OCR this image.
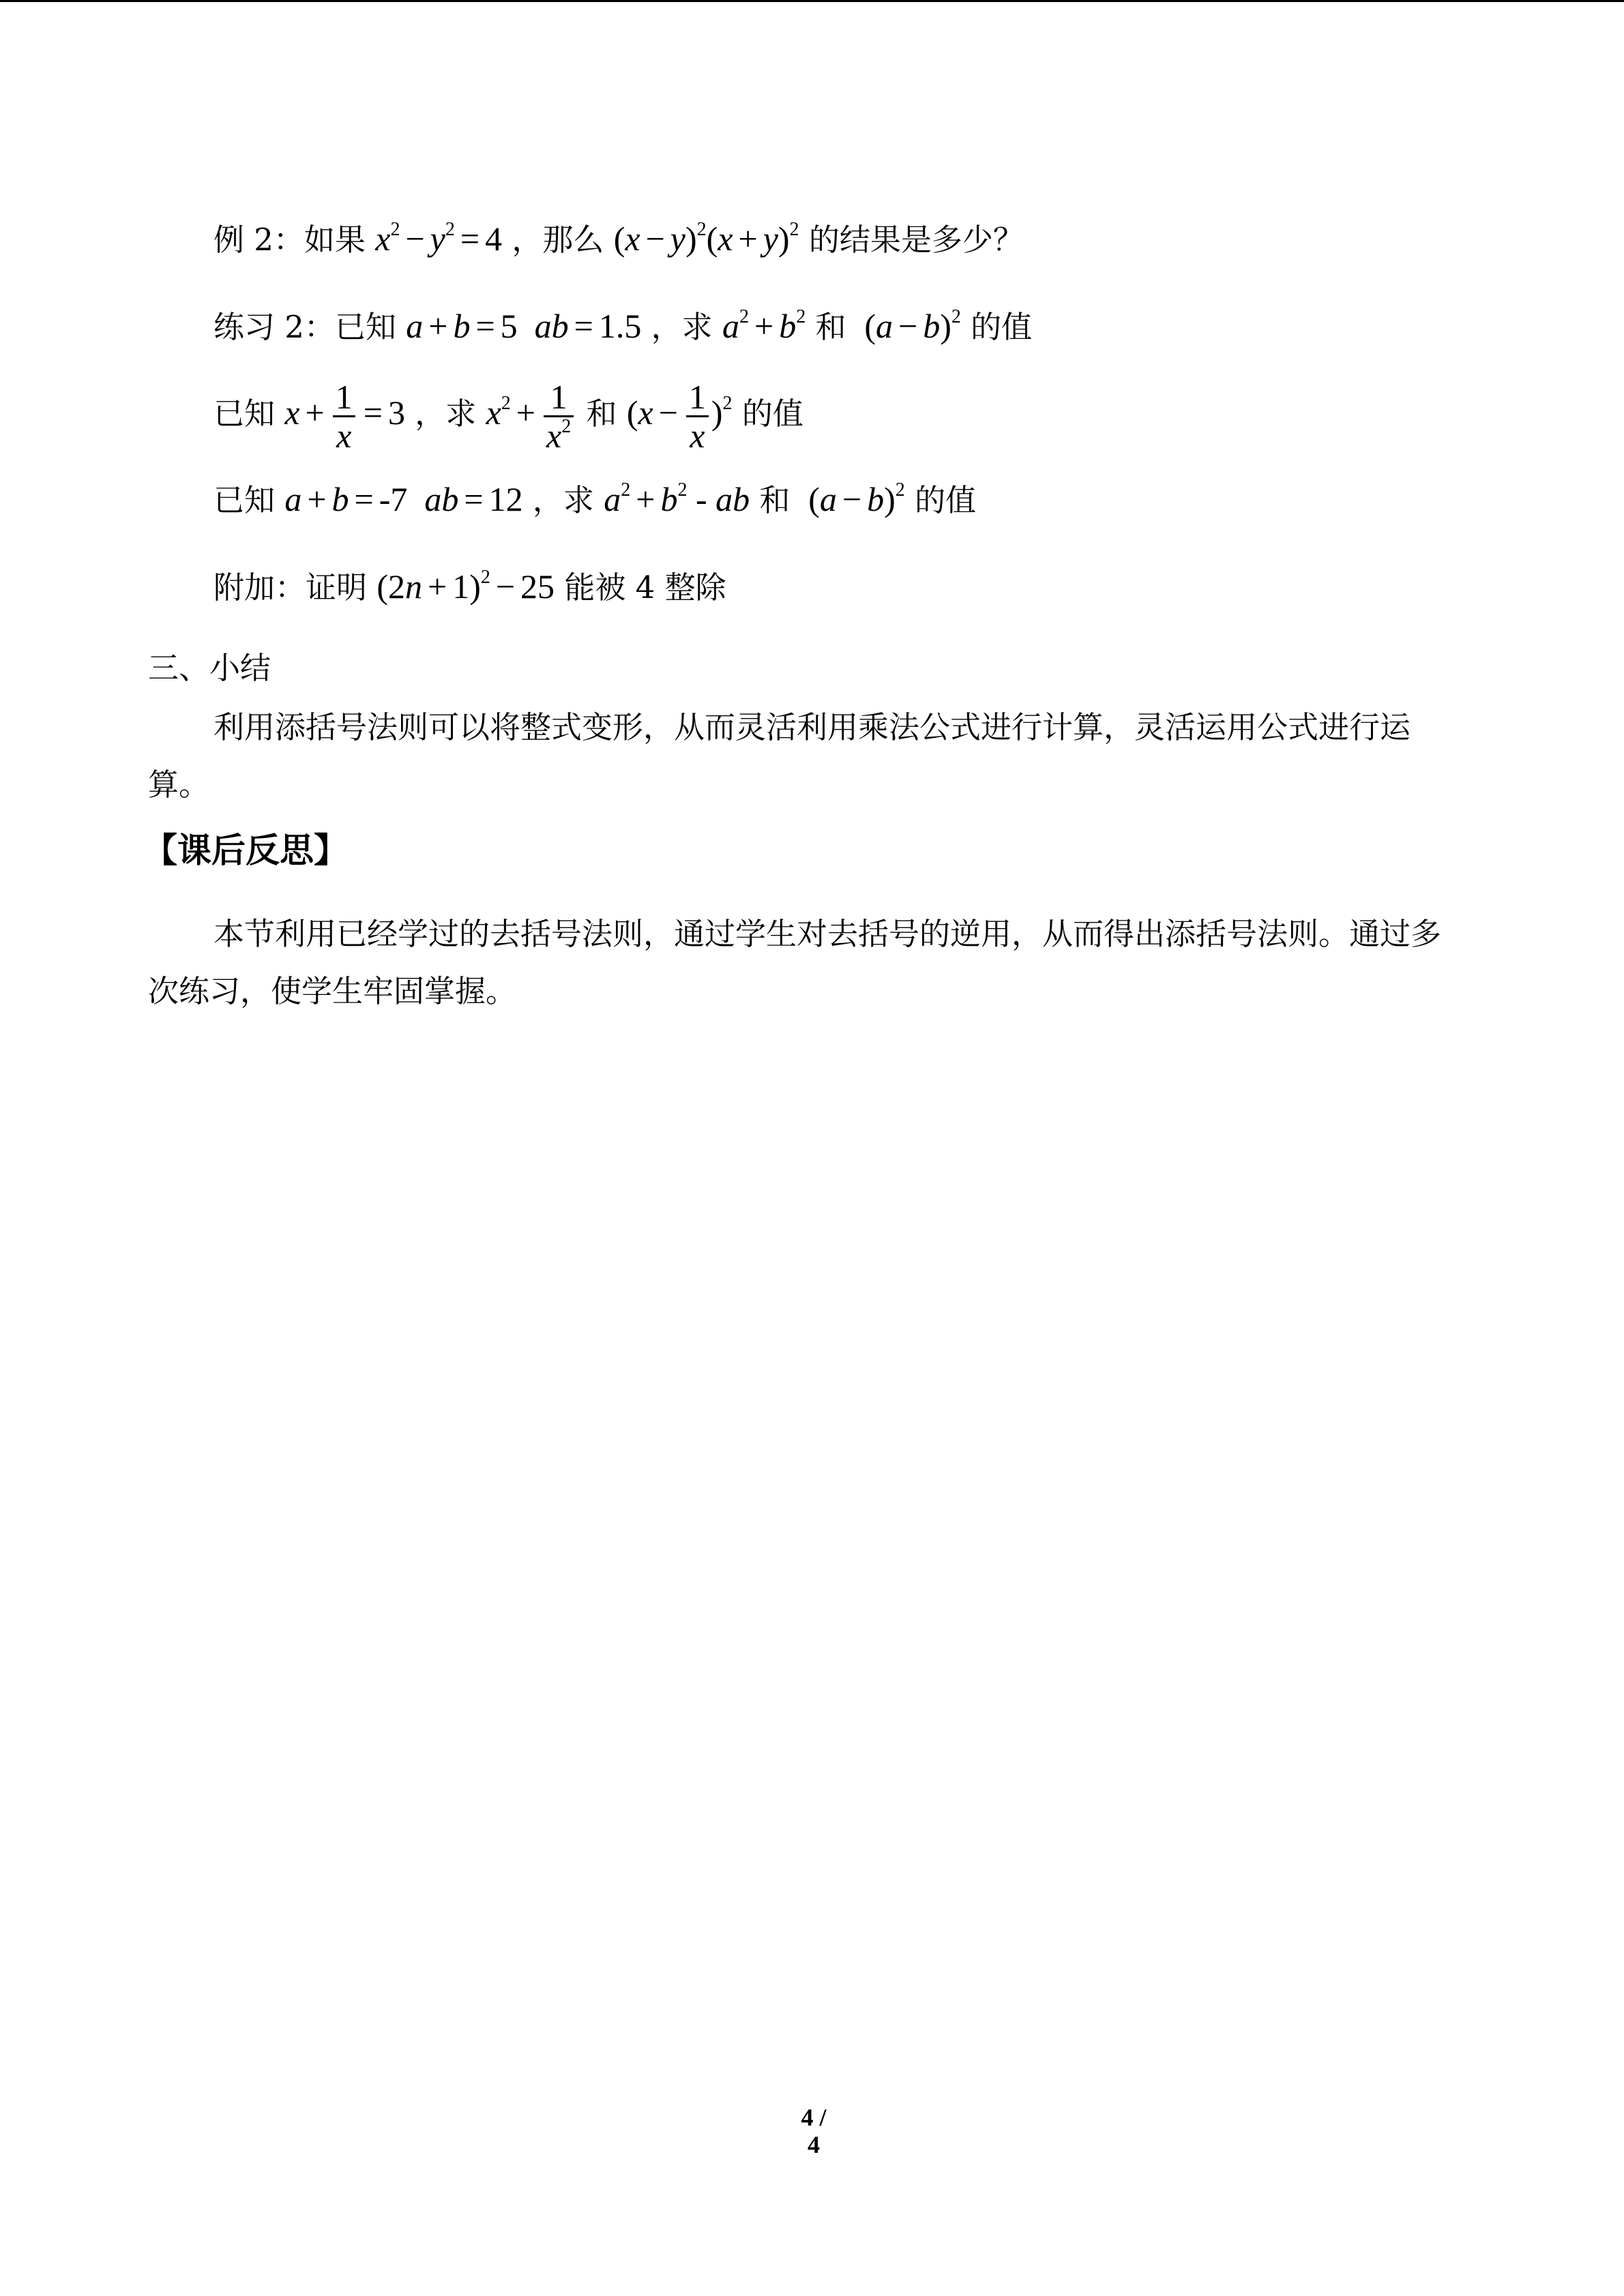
例 2：如果 $x^2 - y^2 = 4$ ，那么 $(x - y)^2(x + y)^2$ 的结果是多少？
练习 2：已知 a + b = 5  ab = 1.5 ，求 $a^2 + b^2$ 和  $(a - b)^2$ 的值
已知 $x + \frac{1}{x} = 3$ ，求 $x^2 + \frac{1}{x^2}$ 和 $(x - \frac{1}{x} )^2$ 的值
已知 a + b = -7  ab = 12 ，求 $a^2 + b^2$ - ab 和  $(a - b)^2$ 的值
附加：证明 $(2n + 1)^2 - 25$ 能被 4 整除
三、小结
利用添括号法则可以将整式变形，从而灵活利用乘法公式进行计算，灵活运用公式进行运算。
【课后反思】
本节利用已经学过的去括号法则，通过学生对去括号的逆用，从而得出添括号法则。通过多次练习，使学生牢固掌握。
4 / 4
